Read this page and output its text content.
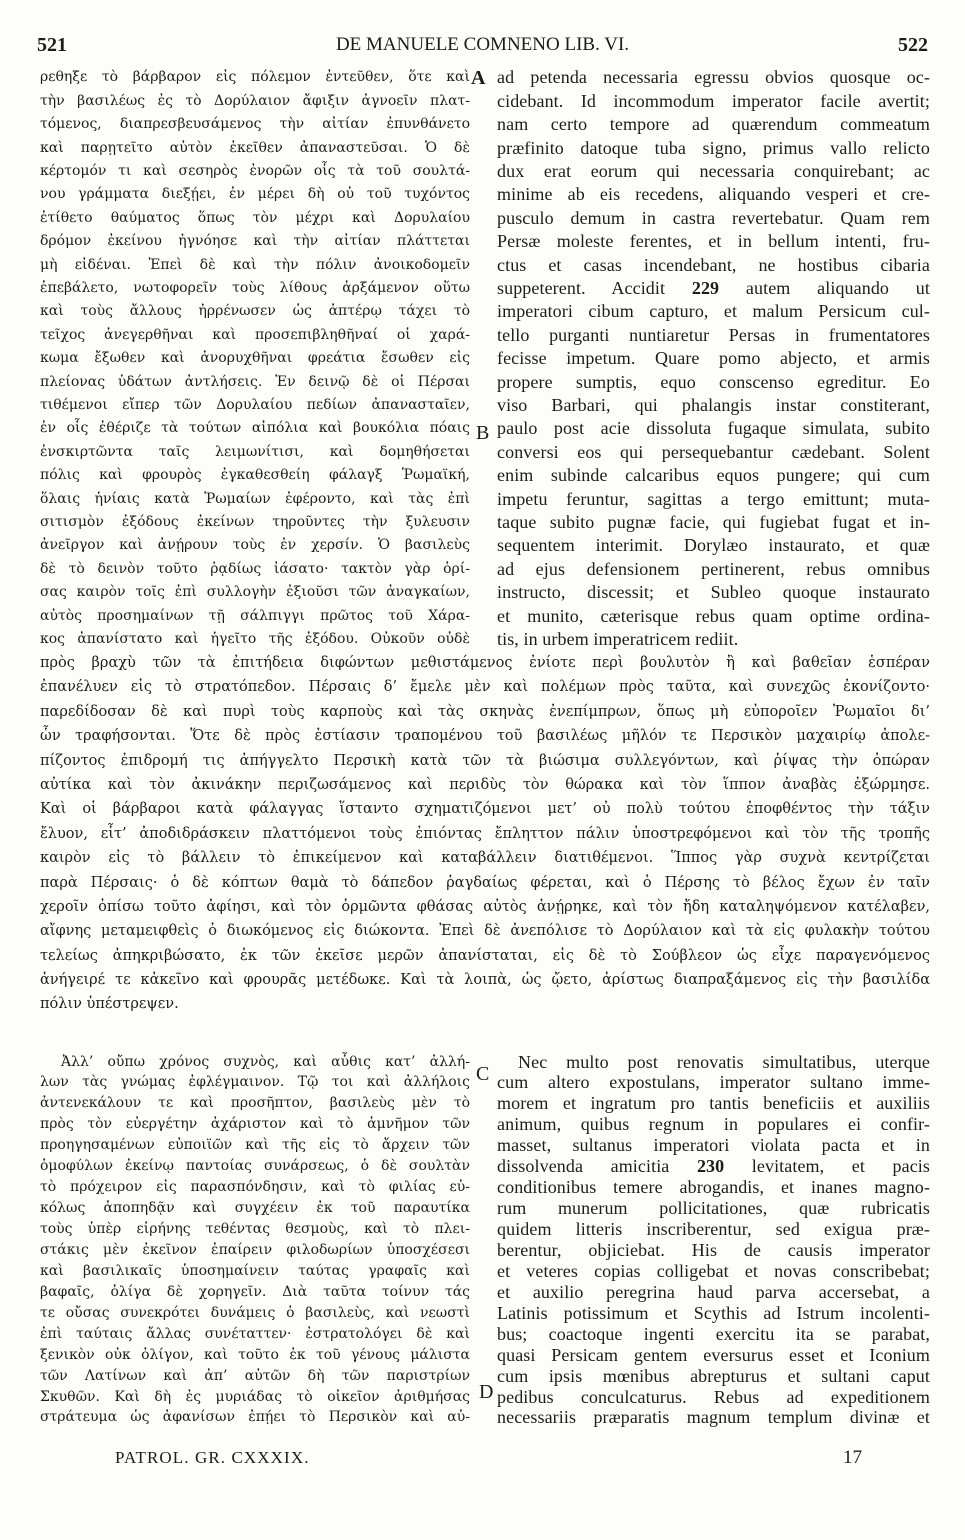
521	DE MANUELE COMNENO LIB. VI.	522
ρεθηξε τὸ βάρβαρον εἰς πόλεμον ἐντεῦθεν, ὅτε καὶ
τὴν βασιλέως ἐς τὸ Δορύλαιον ἄφιξιν ἀγνοεῖν πλατ-
τόμενος, διαπρεσβευσάμενος τὴν αἰτίαν ἐπυνθάνετο
καὶ παρῃτεῖτο αὐτὸν ἐκεῖθεν ἀπαναστεῦσαι. Ὁ δὲ
κέρτομόν τι καὶ σεσηρὸς ἐνορῶν οἷς τὰ τοῦ σουλτά-
νου γράμματα διεξῄει, ἐν μέρει δὴ οὐ τοῦ τυχόντος
ἐτίθετο θαύματος ὅπως τὸν μέχρι καὶ Δορυλαίου
δρόμον ἐκείνου ἠγνόησε καὶ τὴν αἰτίαν πλάττεται
μὴ εἰδέναι. Ἐπεὶ δὲ καὶ τὴν πόλιν ἀνοικοδομεῖν
ἐπεβάλετο, νωτοφορεῖν τοὺς λίθους ἀρξάμενον οὕτω
καὶ τοὺς ἄλλους ἠρρένωσεν ὡς ἀπτέρῳ τάχει τὸ
τεῖχος ἀνεγερθῆναι καὶ προσεπιβληθῆναί οἱ χαρά-
κωμα ἔξωθεν καὶ ἀνορυχθῆναι φρεάτια ἔσωθεν εἰς
πλείονας ὑδάτων ἀντλήσεις. Ἐν δεινῷ δὲ οἱ Πέρσαι
τιθέμενοι εἴπερ τῶν Δορυλαίου πεδίων ἀπανασταῖεν,
ἐν οἷς ἐθέριζε τὰ τούτων αἰπόλια καὶ βουκόλια πόαις
ἐνσκιρτῶντα ταῖς λειμωνίτισι, καὶ δομηθήσεται
πόλις καὶ φρουρὸς ἐγκαθεσθείη φάλαγξ Ῥωμαϊκή,
ὅλαις ἡνίαις κατὰ Ῥωμαίων ἐφέροντο, καὶ τὰς ἐπὶ
σιτισμὸν ἐξόδους ἐκείνων τηροῦντες τὴν ξυλευσιν
ἀνεῖργον καὶ ἀνῄρουν τοὺς ἐν χερσίν. Ὁ βασιλεὺς
δὲ τὸ δεινὸν τοῦτο ῥᾳδίως ἰάσατο· τακτὸν γὰρ ὁρί-
σας καιρὸν τοῖς ἐπὶ συλλογὴν ἐξιοῦσι τῶν ἀναγκαίων,
αὐτὸς προσημαίνων τῇ σάλπιγγι πρῶτος τοῦ Χάρα-
κος ἀπανίστατο καὶ ἡγεῖτο τῆς ἐξόδου. Οὐκοῦν οὐδὲ
A
B
ad petenda necessaria egressu obvios quosque oc-
cidebant. Id incommodum imperator facile avertit;
nam certo tempore ad quærendum commeatum
præfinito datoque tuba signo, primus vallo relicto
dux erat eorum qui necessaria conquirebant; ac
minime ab eis recedens, aliquando vesperi et cre-
pusculo demum in castra revertebatur. Quam rem
Persæ moleste ferentes, et in bellum intenti, fru-
ctus et casas incendebant, ne hostibus cibaria
suppeterent. Accidit 229 autem aliquando ut
imperatori cibum capturo, et malum Persicum cul-
tello purganti nuntiaretur Persas in frumentatores
fecisse impetum. Quare pomo abjecto, et armis
propere sumptis, equo conscenso egreditur. Eo
viso Barbari, qui phalangis instar constiterant,
paulo post acie dissoluta fugaque simulata, subito
conversi eos qui persequebantur cædebant. Solent
enim subinde calcaribus equos pungere; qui cum
impetu feruntur, sagittas a tergo emittunt; muta-
taque subito pugnæ facie, qui fugiebat fugat et in-
sequentem interimit. Dorylæo instaurato, et quæ
ad ejus defensionem pertinerent, rebus omnibus
instructo, discessit; et Subleo quoque instaurato
et munito, cæterisque rebus quam optime ordina-
tis, in urbem imperatricem rediit.
πρὸς βραχὺ τῶν τὰ ἐπιτήδεια διφώντων μεθιστάμενος ἐνίοτε περὶ βουλυτὸν ἢ καὶ βαθεῖαν ἑσπέραν
ἐπανέλυεν εἰς τὸ στρατόπεδον. Πέρσαις δ’ ἔμελε μὲν καὶ πολέμων πρὸς ταῦτα, καὶ συνεχῶς ἐκονίζοντο·
παρεδίδοσαν δὲ καὶ πυρὶ τοὺς καρποὺς καὶ τὰς σκηνὰς ἐνεπίμπρων, ὅπως μὴ εὐποροῖεν Ῥωμαῖοι δι’
ὧν τραφήσονται. Ὅτε δὲ πρὸς ἑστίασιν τραπομένου τοῦ βασιλέως μῆλόν τε Περσικὸν μαχαιρίῳ ἀπολε-
πίζοντος ἐπιδρομή τις ἀπήγγελτο Περσικὴ κατὰ τῶν τὰ βιώσιμα συλλεγόντων, καὶ ῥίψας τὴν ὀπώραν
αὐτίκα καὶ τὸν ἀκινάκην περιζωσάμενος καὶ περιδὺς τὸν θώρακα καὶ τὸν ἵππον ἀναβὰς ἐξώρμησε.
Καὶ οἱ βάρβαροι κατὰ φάλαγγας ἵσταντο σχηματιζόμενοι μετ’ οὐ πολὺ τούτου ἐποφθέντος τὴν τάξιν
ἔλυον, εἶτ’ ἀποδιδράσκειν πλαττόμενοι τοὺς ἐπιόντας ἔπληττον πάλιν ὑποστρεφόμενοι καὶ τὸν τῆς τροπῆς
καιρὸν εἰς τὸ βάλλειν τὸ ἐπικείμενον καὶ καταβάλλειν διατιθέμενοι. Ἵππος γὰρ συχνὰ κεντρίζεται
παρὰ Πέρσαις· ὁ δὲ κόπτων θαμὰ τὸ δάπεδον ῥαγδαίως φέρεται, καὶ ὁ Πέρσης τὸ βέλος ἔχων ἐν ταῖν
χεροῖν ὀπίσω τοῦτο ἀφίησι, καὶ τὸν ὁρμῶντα φθάσας αὐτὸς ἀνῄρηκε, καὶ τὸν ἤδη καταληψόμενον κατέλαβεν,
αἴφνης μεταμειφθεὶς ὁ διωκόμενος εἰς διώκοντα. Ἐπεὶ δὲ ἀνεπόλισε τὸ Δορύλαιον καὶ τὰ εἰς φυλακὴν τούτου
τελείως ἀπηκριβώσατο, ἐκ τῶν ἐκεῖσε μερῶν ἀπανίσταται, εἰς δὲ τὸ Σούβλεον ὡς εἶχε παραγενόμενος
ἀνήγειρέ τε κἀκεῖνο καὶ φρουρᾶς μετέδωκε. Καὶ τὰ λοιπὰ, ὡς ᾤετο, ἀρίστως διαπραξάμενος εἰς τὴν βασιλίδα
πόλιν ὑπέστρεψεν.
Ἀλλ’ οὔπω χρόνος συχνὸς, καὶ αὖθις κατ’ ἀλλή-
λων τὰς γνώμας ἐφλέγμαινον. Τῷ τοι καὶ ἀλλήλοις
ἀντενεκάλουν τε καὶ προσῆπτον, βασιλεὺς μὲν τὸ
πρὸς τὸν εὐεργέτην ἀχάριστον καὶ τὸ ἀμνῆμον τῶν
προηγησαμένων εὐποιϊῶν καὶ τῆς εἰς τὸ ἄρχειν τῶν
ὁμοφύλων ἐκείνῳ παντοίας συνάρσεως, ὁ δὲ σουλτὰν
τὸ πρόχειρον εἰς παρασπόνδησιν, καὶ τὸ φιλίας εὐ-
κόλως ἀποπηδᾷν καὶ συγχέειν ἐκ τοῦ παραυτίκα
τοὺς ὑπὲρ εἰρήνης τεθέντας θεσμοὺς, καὶ τὸ πλει-
στάκις μὲν ἐκεῖνον ἐπαίρειν φιλοδωρίων ὑποσχέσεσι
καὶ βασιλικαῖς ὑποσημαίνειν ταύτας γραφαῖς καὶ
βαφαῖς, ὀλίγα δὲ χορηγεῖν. Διὰ ταῦτα τοίνυν τάς
τε οὔσας συνεκρότει δυνάμεις ὁ βασιλεὺς, καὶ νεωστὶ
ἐπὶ ταύταις ἄλλας συνέταττεν· ἐστρατολόγει δὲ καὶ
ξενικὸν οὐκ ὀλίγον, καὶ τοῦτο ἐκ τοῦ γένους μάλιστα
τῶν Λατίνων καὶ ἀπ’ αὐτῶν δὴ τῶν παριστρίων
Σκυθῶν. Καὶ δὴ ἐς μυριάδας τὸ οἰκεῖον ἀριθμήσας
στράτευμα ὡς ἀφανίσων ἐπῄει τὸ Περσικὸν καὶ αὐ-
C
D
Nec multo post renovatis simultatibus, uterque
cum altero expostulans, imperator sultano imme-
morem et ingratum pro tantis beneficiis et auxiliis
animum, quibus regnum in populares ei confir-
masset, sultanus imperatori violata pacta et in
dissolvenda amicitia 230 levitatem, et pacis
conditionibus temere abrogandis, et inanes magno-
rum munerum pollicitationes, quæ rubricatis
quidem litteris inscriberentur, sed exigua præ-
berentur, objiciebat. His de causis imperator
et veteres copias colligebat et novas conscribebat;
et auxilio peregrina haud parva accersebat, a
Latinis potissimum et Scythis ad Istrum incolenti-
bus; coactoque ingenti exercitu ita se parabat,
quasi Persicam gentem eversurus esset et Iconium
cum ipsis mœnibus abrepturus et sultani caput
pedibus conculcaturus. Rebus ad expeditionem
necessariis præparatis magnum templum divinæ et
PATROL. GR. CXXXIX.	17
